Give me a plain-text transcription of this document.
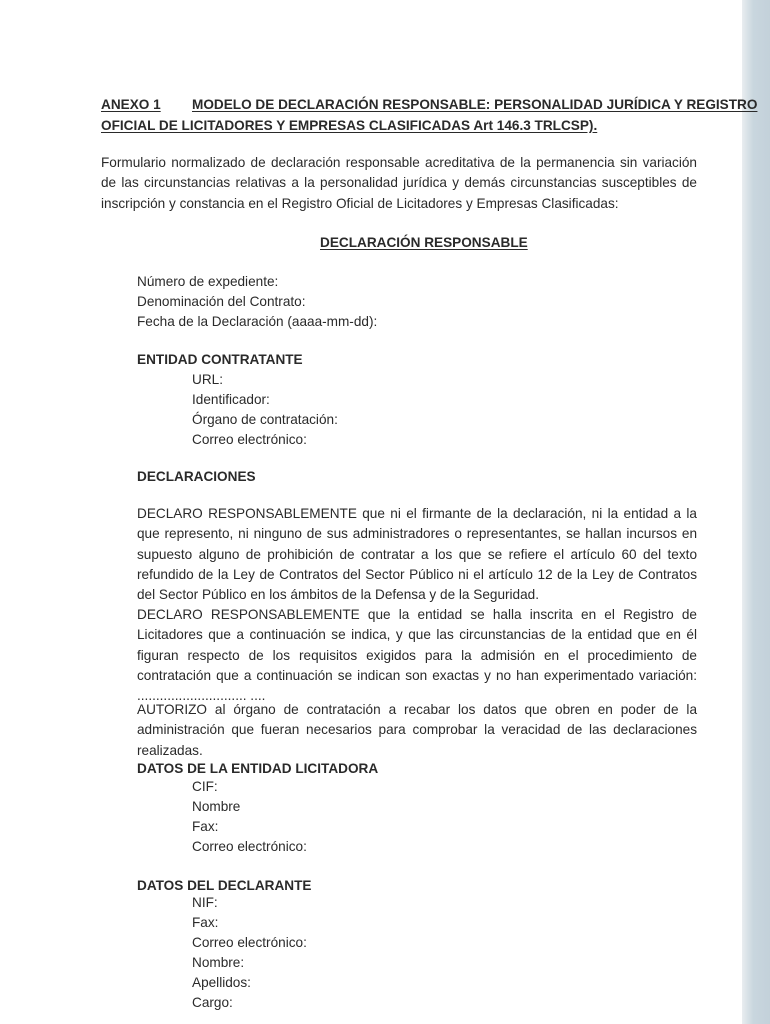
ANEXO 1 MODELO DE DECLARACIÓN RESPONSABLE: PERSONALIDAD JURÍDICA Y REGISTRO
OFICIAL DE LICITADORES Y EMPRESAS CLASIFICADAS Art 146.3 TRLCSP).
Formulario normalizado de declaración responsable acreditativa de la permanencia sin variación de las circunstancias relativas a la personalidad jurídica y demás circunstancias susceptibles de inscripción y constancia en el Registro Oficial de Licitadores y Empresas Clasificadas:
DECLARACIÓN RESPONSABLE
Número de expediente:
Denominación del Contrato:
Fecha de la Declaración (aaaa-mm-dd):
ENTIDAD CONTRATANTE
URL:
Identificador:
Órgano de contratación:
Correo electrónico:
DECLARACIONES
DECLARO RESPONSABLEMENTE que ni el firmante de la declaración, ni la entidad a la que represento, ni ninguno de sus administradores o representantes, se hallan incursos en supuesto alguno de prohibición de contratar a los que se refiere el artículo 60 del texto refundido de la Ley de Contratos del Sector Público ni el artículo 12 de la Ley de Contratos del Sector Público en los ámbitos de la Defensa y de la Seguridad.
DECLARO RESPONSABLEMENTE que la entidad se halla inscrita en el Registro de Licitadores que a continuación se indica, y que las circunstancias de la entidad que en él figuran respecto de los requisitos exigidos para la admisión en el procedimiento de contratación que a continuación se indican son exactas y no han experimentado variación: ............................. ....
AUTORIZO al órgano de contratación a recabar los datos que obren en poder de la administración que fueran necesarios para comprobar la veracidad de las declaraciones realizadas.
DATOS DE LA ENTIDAD LICITADORA
CIF:
Nombre
Fax:
Correo electrónico:
DATOS DEL DECLARANTE
NIF:
Fax:
Correo electrónico:
Nombre:
Apellidos:
Cargo:
